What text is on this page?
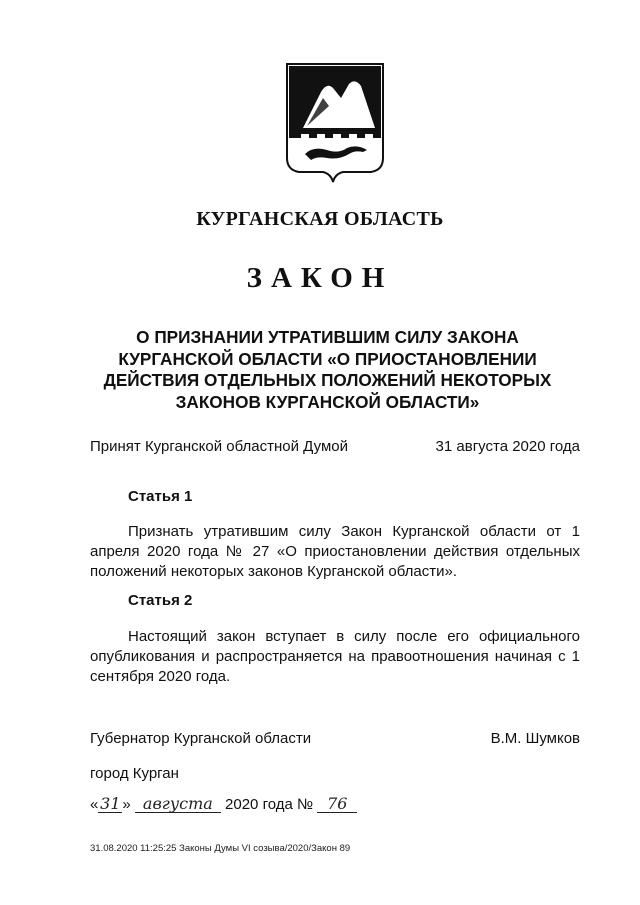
КУРГАНСКАЯ ОБЛАСТЬ
ЗАКОН
О ПРИЗНАНИИ УТРАТИВШИМ СИЛУ ЗАКОНА
КУРГАНСКОЙ ОБЛАСТИ «О ПРИОСТАНОВЛЕНИИ
ДЕЙСТВИЯ ОТДЕЛЬНЫХ ПОЛОЖЕНИЙ НЕКОТОРЫХ
ЗАКОНОВ КУРГАНСКОЙ ОБЛАСТИ»
Принят Курганской областной Думой	31 августа 2020 года
Статья 1
Признать утратившим силу Закон Курганской области от 1 апреля 2020 года № 27 «О приостановлении действия отдельных положений некоторых законов Курганской области».
Статья 2
Настоящий закон вступает в силу после его официального опубликования и распространяется на правоотношения начиная с 1 сентября 2020 года.
Губернатор Курганской области	В.М. Шумков
город Курган
« 31 » августа 2020 года № 76
31.08.2020 11:25:25 Законы Думы VI созыва/2020/Закон 89
